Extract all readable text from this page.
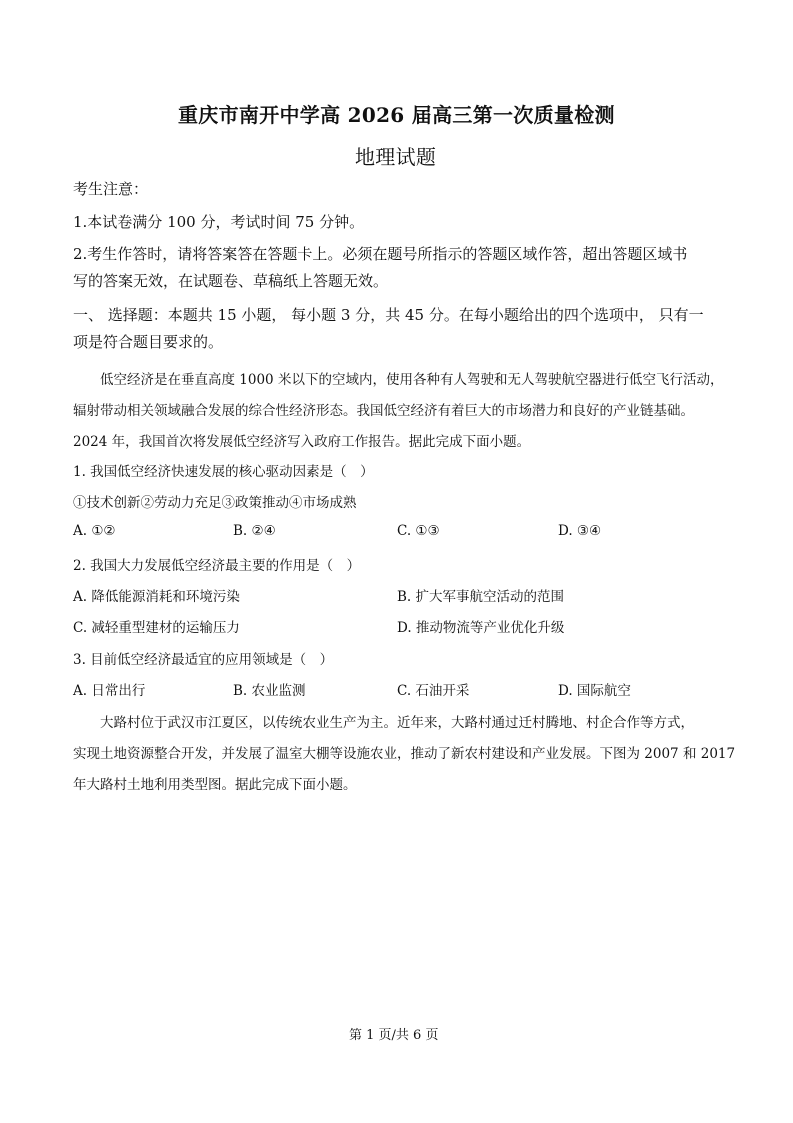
重庆市南开中学高 2026 届高三第一次质量检测
地理试题
考生注意：
1.本试卷满分 100 分，考试时间 75 分钟。
2.考生作答时，请将答案答在答题卡上。必须在题号所指示的答题区域作答，超出答题区域书
写的答案无效，在试题卷、草稿纸上答题无效。
一、 选择题：本题共 15 小题， 每小题 3 分，共 45 分。在每小题给出的四个选项中， 只有一
项是符合题目要求的。
低空经济是在垂直高度 1000 米以下的空域内，使用各种有人驾驶和无人驾驶航空器进行低空飞行活动，
辐射带动相关领域融合发展的综合性经济形态。我国低空经济有着巨大的市场潜力和良好的产业链基础。
2024 年，我国首次将发展低空经济写入政府工作报告。据此完成下面小题。
1. 我国低空经济快速发展的核心驱动因素是（　）
①技术创新②劳动力充足③政策推动④市场成熟
A. ①②	B. ②④	C. ①③	D. ③④
2. 我国大力发展低空经济最主要的作用是（　）
A. 降低能源消耗和环境污染	B. 扩大军事航空活动的范围
C. 减轻重型建材的运输压力	D. 推动物流等产业优化升级
3. 目前低空经济最适宜的应用领域是（　）
A. 日常出行	B. 农业监测	C. 石油开采	D. 国际航空
大路村位于武汉市江夏区，以传统农业生产为主。近年来，大路村通过迁村腾地、村企合作等方式，
实现土地资源整合开发，并发展了温室大棚等设施农业，推动了新农村建设和产业发展。下图为 2007 和 2017
年大路村土地利用类型图。据此完成下面小题。
第 1 页/共 6 页
